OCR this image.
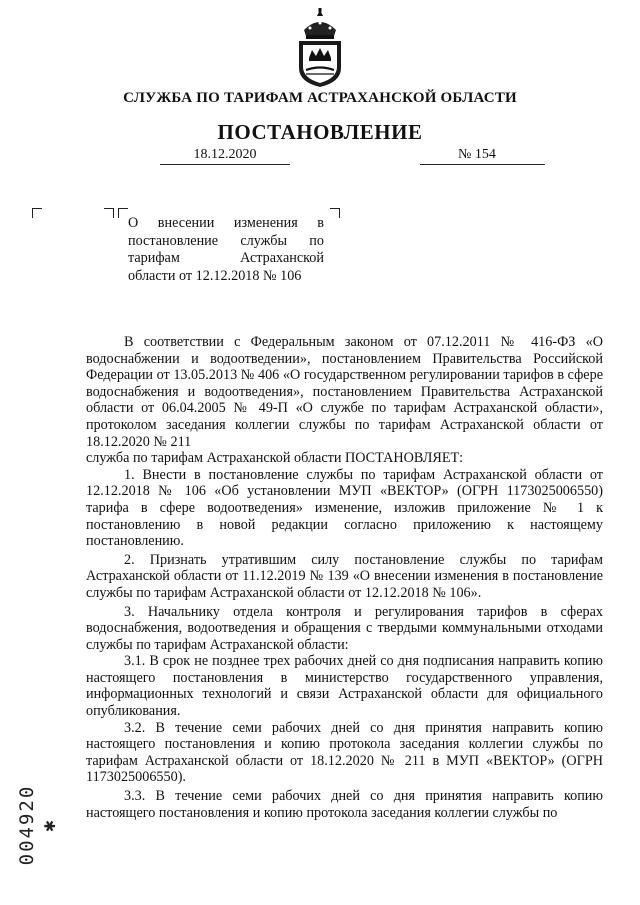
СЛУЖБА ПО ТАРИФАМ АСТРАХАНСКОЙ ОБЛАСТИ
ПОСТАНОВЛЕНИЕ
18.12.2020	№ 154
О внесении изменения в
постановление службы по
тарифам Астраханской
области от 12.12.2018 № 106

В соответствии с Федеральным законом от 07.12.2011 № 416-ФЗ «О водоснабжении и водоотведении», постановлением Правительства Российской Федерации от 13.05.2013 № 406 «О государственном регулировании тарифов в сфере водоснабжения и водоотведения», постановлением Правительства Астраханской области от 06.04.2005 № 49-П «О службе по тарифам Астраханской области», протоколом заседания коллегии службы по тарифам Астраханской области от 18.12.2020 № 211

служба по тарифам Астраханской области ПОСТАНОВЛЯЕТ:

1. Внести в постановление службы по тарифам Астраханской области от 12.12.2018 № 106 «Об установлении МУП «ВЕКТОР» (ОГРН 1173025006550) тарифа в сфере водоотведения» изменение, изложив приложение № 1 к постановлению в новой редакции согласно приложению к настоящему постановлению.

2. Признать утратившим силу постановление службы по тарифам Астраханской области от 11.12.2019 № 139 «О внесении изменения в постановление службы по тарифам Астраханской области от 12.12.2018 № 106».

3. Начальнику отдела контроля и регулирования тарифов в сферах водоснабжения, водоотведения и обращения с твердыми коммунальными отходами службы по тарифам Астраханской области:

3.1. В срок не позднее трех рабочих дней со дня подписания направить копию настоящего постановления в министерство государственного управления, информационных технологий и связи Астраханской области для официального опубликования.

3.2. В течение семи рабочих дней со дня принятия направить копию настоящего постановления и копию протокола заседания коллегии службы по тарифам Астраханской области от 18.12.2020 № 211 в МУП «ВЕКТОР» (ОГРН 1173025006550).

3.3. В течение семи рабочих дней со дня принятия направить копию настоящего постановления и копию протокола заседания коллегии службы по

004920 ✱
